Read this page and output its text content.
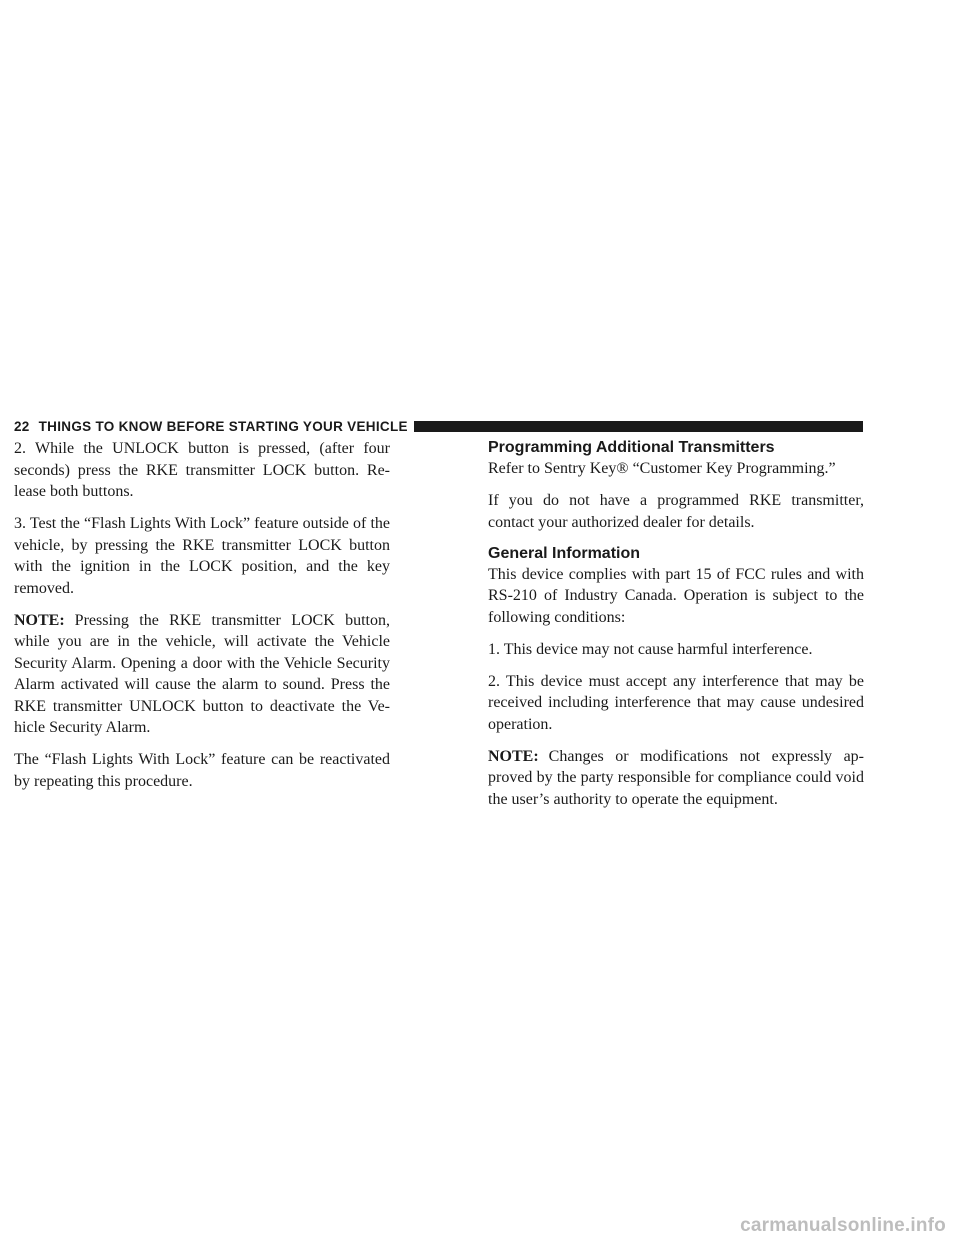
22 THINGS TO KNOW BEFORE STARTING YOUR VEHICLE

2. While the UNLOCK button is pressed, (after four seconds) press the RKE transmitter LOCK button. Re-lease both buttons.

3. Test the “Flash Lights With Lock” feature outside of the vehicle, by pressing the RKE transmitter LOCK button with the ignition in the LOCK position, and the key removed.

NOTE: Pressing the RKE transmitter LOCK button, while you are in the vehicle, will activate the Vehicle Security Alarm. Opening a door with the Vehicle Security Alarm activated will cause the alarm to sound. Press the RKE transmitter UNLOCK button to deactivate the Ve-hicle Security Alarm.

The “Flash Lights With Lock” feature can be reactivated by repeating this procedure.

Programming Additional Transmitters

Refer to Sentry Key® “Customer Key Programming.”

If you do not have a programmed RKE transmitter, contact your authorized dealer for details.

General Information

This device complies with part 15 of FCC rules and with RS-210 of Industry Canada. Operation is subject to the following conditions:

1. This device may not cause harmful interference.

2. This device must accept any interference that may be received including interference that may cause undesired operation.

NOTE: Changes or modifications not expressly ap-proved by the party responsible for compliance could void the user’s authority to operate the equipment.

carmanualsonline.info
